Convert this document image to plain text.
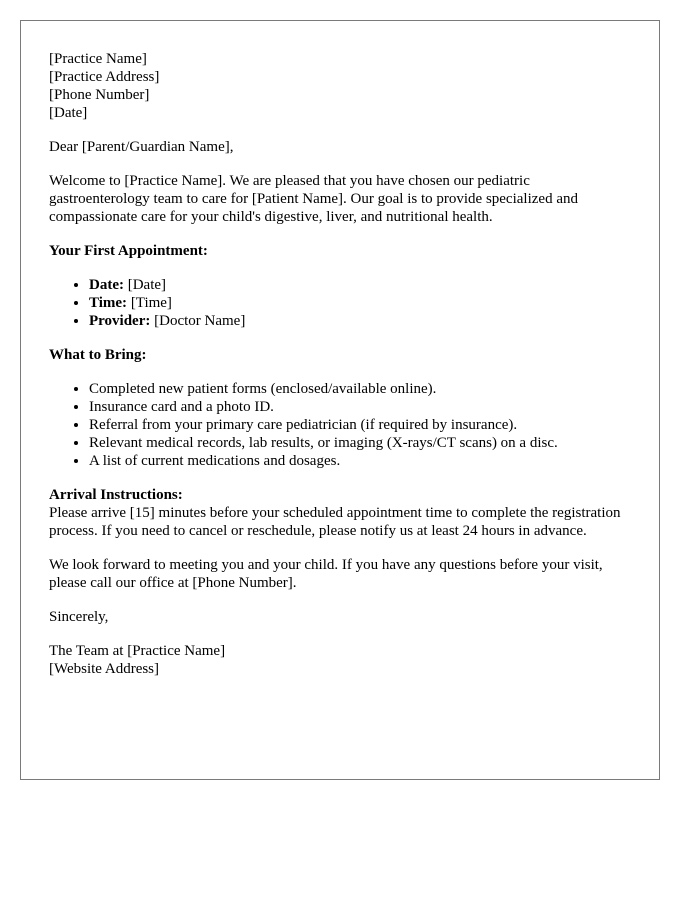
[Practice Name]
[Practice Address]
[Phone Number]
[Date]

Dear [Parent/Guardian Name],

Welcome to [Practice Name]. We are pleased that you have chosen our pediatric gastroenterology team to care for [Patient Name]. Our goal is to provide specialized and compassionate care for your child's digestive, liver, and nutritional health.

Your First Appointment:

• Date: [Date]
• Time: [Time]
• Provider: [Doctor Name]

What to Bring:

• Completed new patient forms (enclosed/available online).
• Insurance card and a photo ID.
• Referral from your primary care pediatrician (if required by insurance).
• Relevant medical records, lab results, or imaging (X-rays/CT scans) on a disc.
• A list of current medications and dosages.

Arrival Instructions:

Please arrive [15] minutes before your scheduled appointment time to complete the registration process. If you need to cancel or reschedule, please notify us at least 24 hours in advance.

We look forward to meeting you and your child. If you have any questions before your visit, please call our office at [Phone Number].

Sincerely,

The Team at [Practice Name]
[Website Address]
